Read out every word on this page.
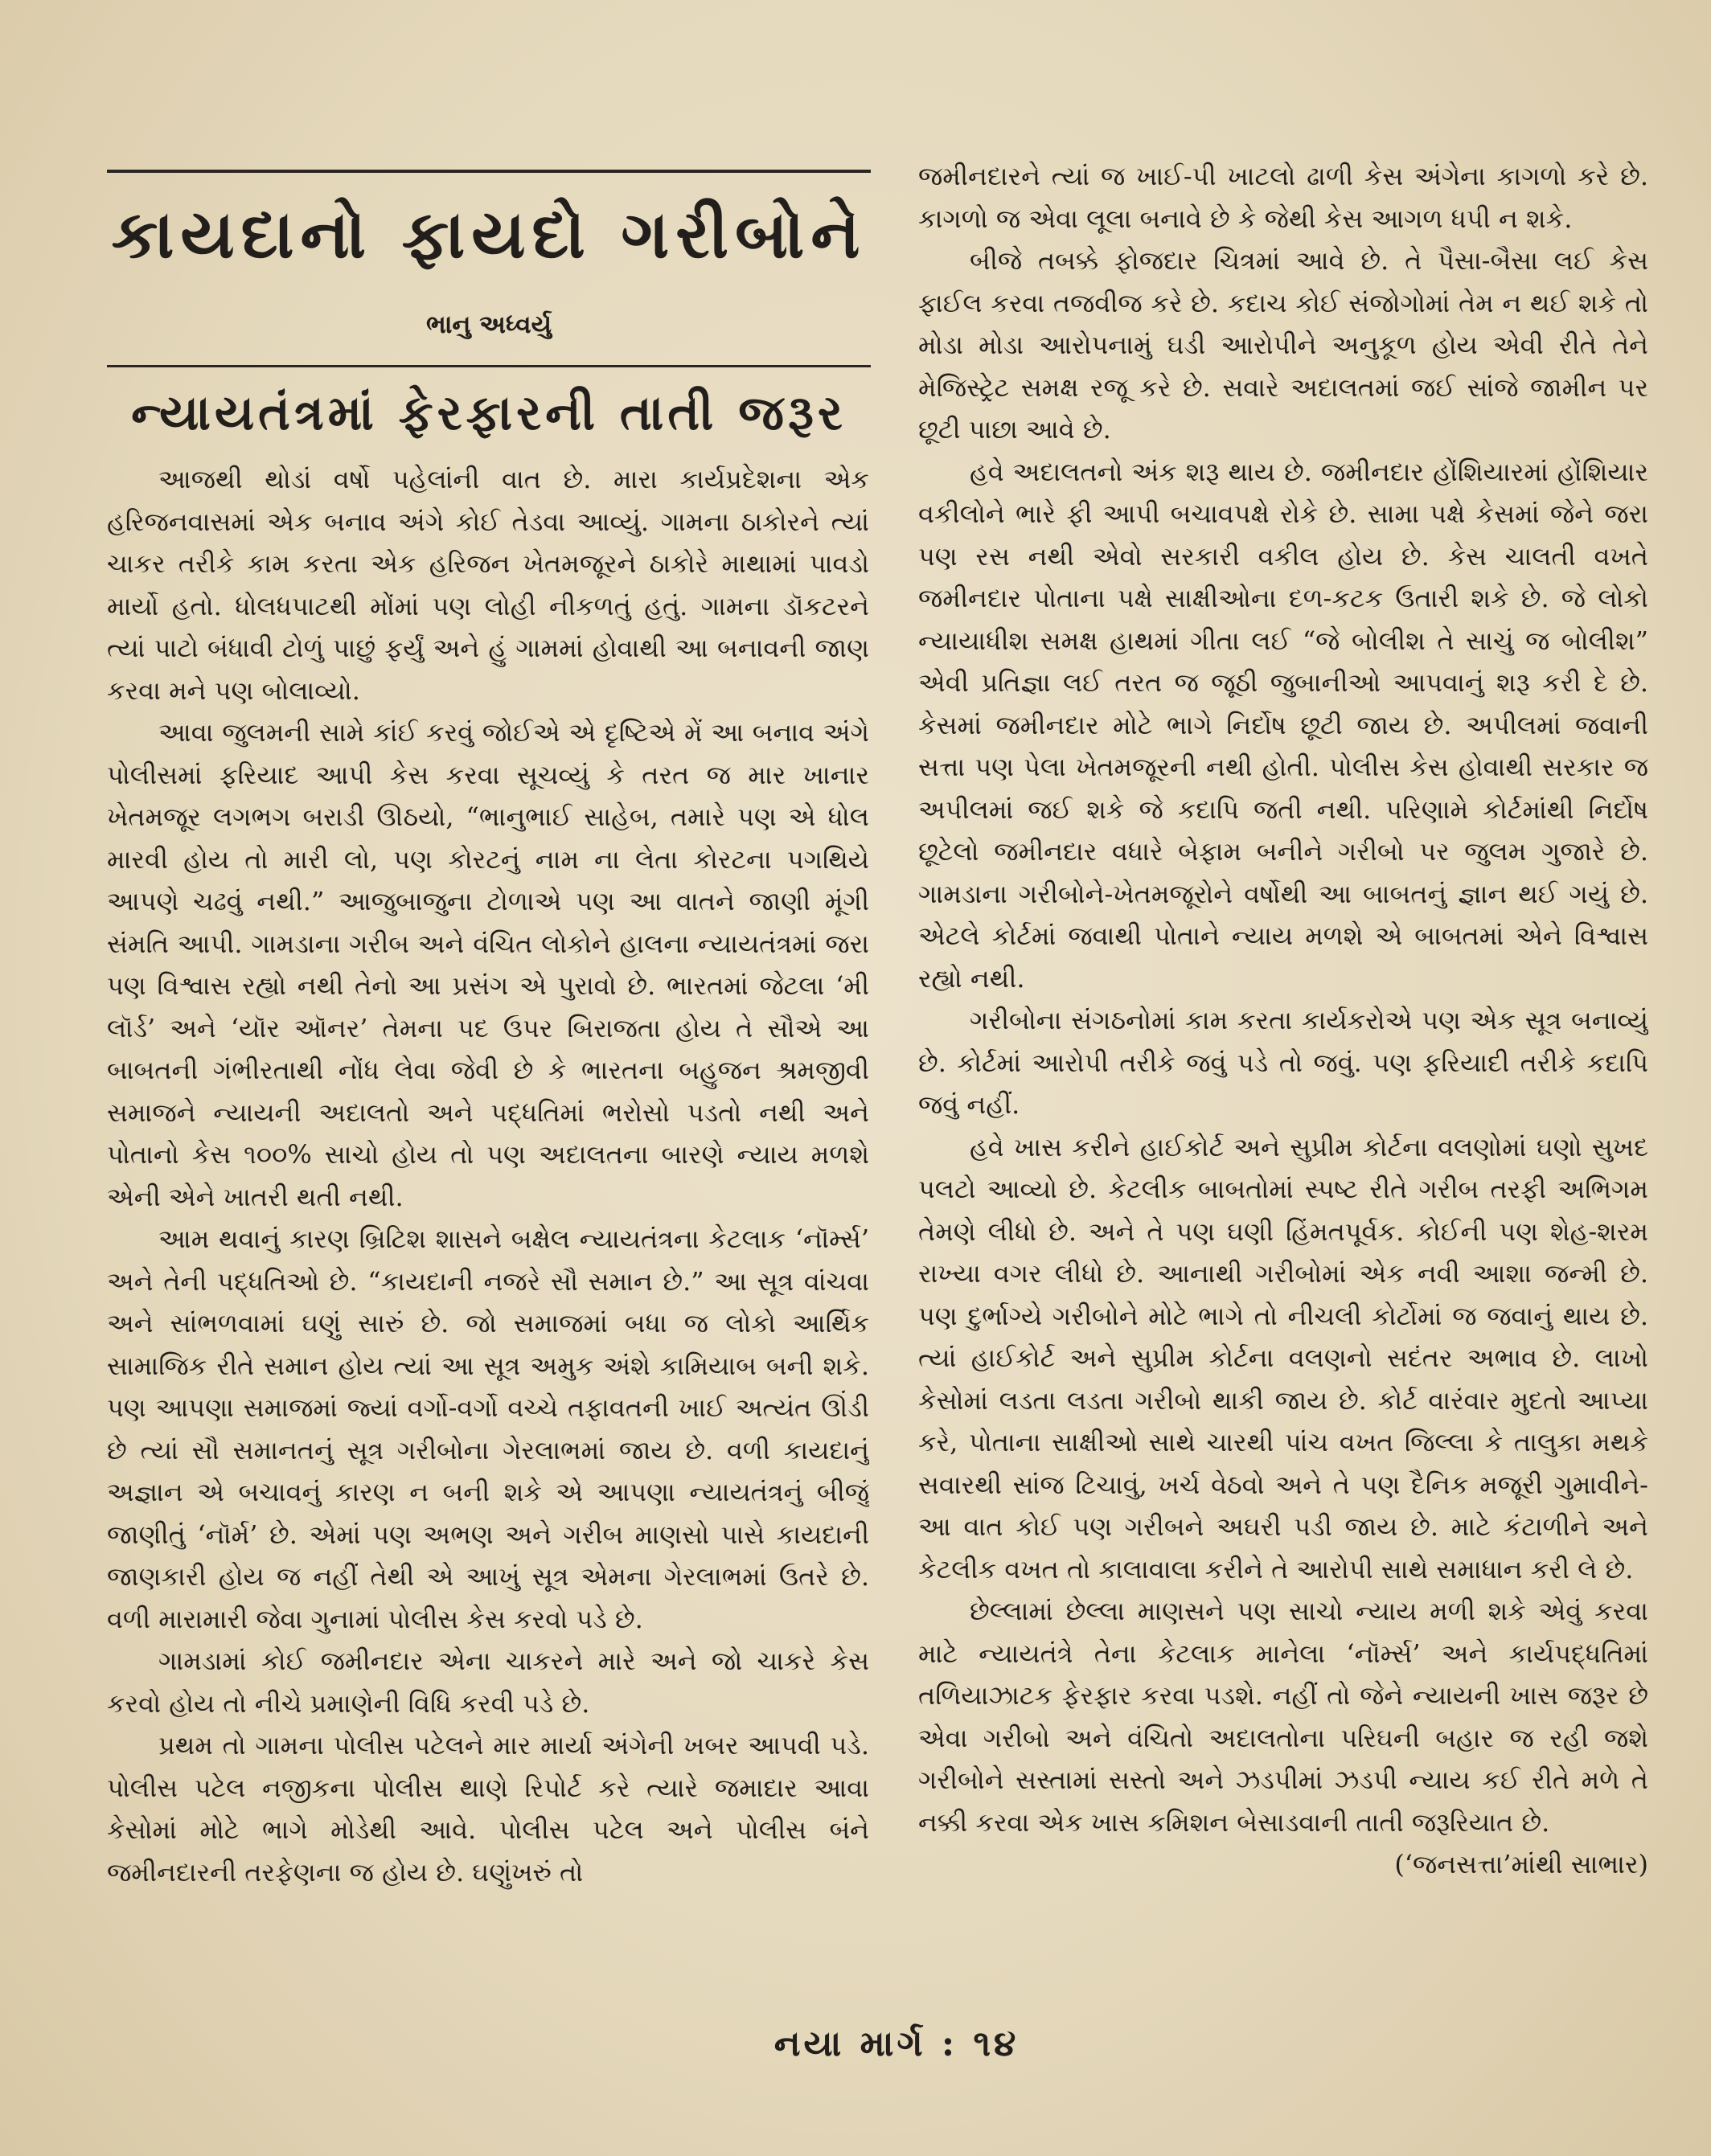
કાયદાનો ફાયદો ગરીબોને
ભાનુ અધ્વર્યુ
ન્યાયતંત્રમાં ફેરફારની તાતી જરૂર

આજથી થોડાં વર્ષો પહેલાંની વાત છે. મારા કાર્યપ્રદેશના એક હરિજનવાસમાં એક બનાવ અંગે કોઈ તેડવા આવ્યું. ગામના ઠાકોરને ત્યાં ચાકર તરીકે કામ કરતા એક હરિજન ખેતમજૂરને ઠાકોરે માથામાં પાવડો માર્યો હતો. ધોલધપાટથી મોંમાં પણ લોહી નીકળતું હતું. ગામના ડૉકટરને ત્યાં પાટો બંધાવી ટોળું પાછું ફર્યું અને હું ગામમાં હોવાથી આ બનાવની જાણ કરવા મને પણ બોલાવ્યો.

આવા જુલમની સામે કાંઈ કરવું જોઈએ એ દૃષ્ટિએ મેં આ બનાવ અંગે પોલીસમાં ફરિયાદ આપી કેસ કરવા સૂચવ્યું કે તરત જ માર ખાનાર ખેતમજૂર લગભગ બરાડી ઊઠયો, “ભાનુભાઈ સાહેબ, તમારે પણ એ ધોલ મારવી હોય તો મારી લો, પણ કોરટનું નામ ના લેતા કોરટના પગથિયે આપણે ચઢવું નથી.” આજુબાજુના ટોળાએ પણ આ વાતને જાણી મૂંગી સંમતિ આપી. ગામડાના ગરીબ અને વંચિત લોકોને હાલના ન્યાયતંત્રમાં જરા પણ વિશ્વાસ રહ્યો નથી તેનો આ પ્રસંગ એ પુરાવો છે. ભારતમાં જેટલા ‘મી લૉર્ડ’ અને ‘યૉર ઑનર’ તેમના પદ ઉપર બિરાજતા હોય તે સૌએ આ બાબતની ગંભીરતાથી નોંધ લેવા જેવી છે કે ભારતના બહુજન શ્રમજીવી સમાજને ન્યાયની અદાલતો અને પદ્ધતિમાં ભરોસો પડતો નથી અને પોતાનો કેસ ૧૦૦% સાચો હોય તો પણ અદાલતના બારણે ન્યાય મળશે એની એને ખાતરી થતી નથી.

આમ થવાનું કારણ બ્રિટિશ શાસને બક્ષેલ ન્યાયતંત્રના કેટલાક ‘નૉર્મ્સ’ અને તેની પદ્ધતિઓ છે. “કાયદાની નજરે સૌ સમાન છે.” આ સૂત્ર વાંચવા અને સાંભળવામાં ઘણું સારું છે. જો સમાજમાં બધા જ લોકો આર્થિક સામાજિક રીતે સમાન હોય ત્યાં આ સૂત્ર અમુક અંશે કામિયાબ બની શકે. પણ આપણા સમાજમાં જ્યાં વર્ગો-વર્ગો વચ્ચે તફાવતની ખાઈ અત્યંત ઊંડી છે ત્યાં સૌ સમાનતનું સૂત્ર ગરીબોના ગેરલાભમાં જાય છે. વળી કાયદાનું અજ્ઞાન એ બચાવનું કારણ ન બની શકે એ આપણા ન્યાયતંત્રનું બીજું જાણીતું ‘નૉર્મ’ છે. એમાં પણ અભણ અને ગરીબ માણસો પાસે કાયદાની જાણકારી હોય જ નહીં તેથી એ આખું સૂત્ર એમના ગેરલાભમાં ઉતરે છે. વળી મારામારી જેવા ગુનામાં પોલીસ કેસ કરવો પડે છે.

ગામડામાં કોઈ જમીનદાર એના ચાકરને મારે અને જો ચાકરે કેસ કરવો હોય તો નીચે પ્રમાણેની વિધિ કરવી પડે છે.

પ્રથમ તો ગામના પોલીસ પટેલને માર માર્યા અંગેની ખબર આપવી પડે. પોલીસ પટેલ નજીકના પોલીસ થાણે રિપોર્ટ કરે ત્યારે જમાદાર આવા કેસોમાં મોટે ભાગે મોડેથી આવે. પોલીસ પટેલ અને પોલીસ બંને જમીનદારની તરફેણના જ હોય છે. ઘણુંખરું તો

જમીનદારને ત્યાં જ ખાઈ-પી ખાટલો ઢાળી કેસ અંગેના કાગળો કરે છે. કાગળો જ એવા લૂલા બનાવે છે કે જેથી કેસ આગળ ધપી ન શકે.

બીજે તબક્કે ફોજદાર ચિત્રમાં આવે છે. તે પૈસા-બૈસા લઈ કેસ ફાઈલ કરવા તજવીજ કરે છે. કદાચ કોઈ સંજોગોમાં તેમ ન થઈ શકે તો મોડા મોડા આરોપનામું ઘડી આરોપીને અનુકૂળ હોય એવી રીતે તેને મેજિસ્ટ્રેટ સમક્ષ રજૂ કરે છે. સવારે અદાલતમાં જઈ સાંજે જામીન પર છૂટી પાછા આવે છે.

હવે અદાલતનો અંક શરૂ થાય છે. જમીનદાર હોંશિયારમાં હોંશિયાર વકીલોને ભારે ફી આપી બચાવપક્ષે રોકે છે. સામા પક્ષે કેસમાં જેને જરા પણ રસ નથી એવો સરકારી વકીલ હોય છે. કેસ ચાલતી વખતે જમીનદાર પોતાના પક્ષે સાક્ષીઓના દળ-કટક ઉતારી શકે છે. જે લોકો ન્યાયાધીશ સમક્ષ હાથમાં ગીતા લઈ “જે બોલીશ તે સાચું જ બોલીશ” એવી પ્રતિજ્ઞા લઈ તરત જ જૂઠી જુબાનીઓ આપવાનું શરૂ કરી દે છે. કેસમાં જમીનદાર મોટે ભાગે નિર્દોષ છૂટી જાય છે. અપીલમાં જવાની સત્તા પણ પેલા ખેતમજૂરની નથી હોતી. પોલીસ કેસ હોવાથી સરકાર જ અપીલમાં જઈ શકે જે કદાપિ જતી નથી. પરિણામે કોર્ટમાંથી નિર્દોષ છૂટેલો જમીનદાર વધારે બેફામ બનીને ગરીબો પર જુલમ ગુજારે છે. ગામડાના ગરીબોને-ખેતમજૂરોને વર્ષોથી આ બાબતનું જ્ઞાન થઈ ગયું છે. એટલે કોર્ટમાં જવાથી પોતાને ન્યાય મળશે એ બાબતમાં એને વિશ્વાસ રહ્યો નથી.

ગરીબોના સંગઠનોમાં કામ કરતા કાર્યકરોએ પણ એક સૂત્ર બનાવ્યું છે. કોર્ટમાં આરોપી તરીકે જવું પડે તો જવું. પણ ફરિયાદી તરીકે કદાપિ જવું નહીં.

હવે ખાસ કરીને હાઈકોર્ટ અને સુપ્રીમ કોર્ટના વલણોમાં ઘણો સુખદ પલટો આવ્યો છે. કેટલીક બાબતોમાં સ્પષ્ટ રીતે ગરીબ તરફી અભિગમ તેમણે લીધો છે. અને તે પણ ઘણી હિંમતપૂર્વક. કોઈની પણ શેહ-શરમ રાખ્યા વગર લીધો છે. આનાથી ગરીબોમાં એક નવી આશા જન્મી છે. પણ દુર્ભાગ્યે ગરીબોને મોટે ભાગે તો નીચલી કોર્ટોમાં જ જવાનું થાય છે. ત્યાં હાઈકોર્ટ અને સુપ્રીમ કોર્ટના વલણનો સદંતર અભાવ છે. લાખો કેસોમાં લડતા લડતા ગરીબો થાકી જાય છે. કોર્ટ વારંવાર મુદતો આપ્યા કરે, પોતાના સાક્ષીઓ સાથે ચારથી પાંચ વખત જિલ્લા કે તાલુકા મથકે સવારથી સાંજ ટિચાવું, ખર્ચ વેઠવો અને તે પણ દૈનિક મજૂરી ગુમાવીને-આ વાત કોઈ પણ ગરીબને અઘરી પડી જાય છે. માટે કંટાળીને અને કેટલીક વખત તો કાલાવાલા કરીને તે આરોપી સાથે સમાધાન કરી લે છે.

છેલ્લામાં છેલ્લા માણસને પણ સાચો ન્યાય મળી શકે એવું કરવા માટે ન્યાયતંત્રે તેના કેટલાક માનેલા ‘નૉર્મ્સ’ અને કાર્યપદ્ધતિમાં તળિયાઝાટક ફેરફાર કરવા પડશે. નહીં તો જેને ન્યાયની ખાસ જરૂર છે એવા ગરીબો અને વંચિતો અદાલતોના પરિઘની બહાર જ રહી જશે ગરીબોને સસ્તામાં સસ્તો અને ઝડપીમાં ઝડપી ન્યાય કઈ રીતે મળે તે નક્કી કરવા એક ખાસ કમિશન બેસાડવાની તાતી જરૂરિયાત છે.
(‘જનસત્તા’માંથી સાભાર)

નયા માર્ગ : ૧૪
